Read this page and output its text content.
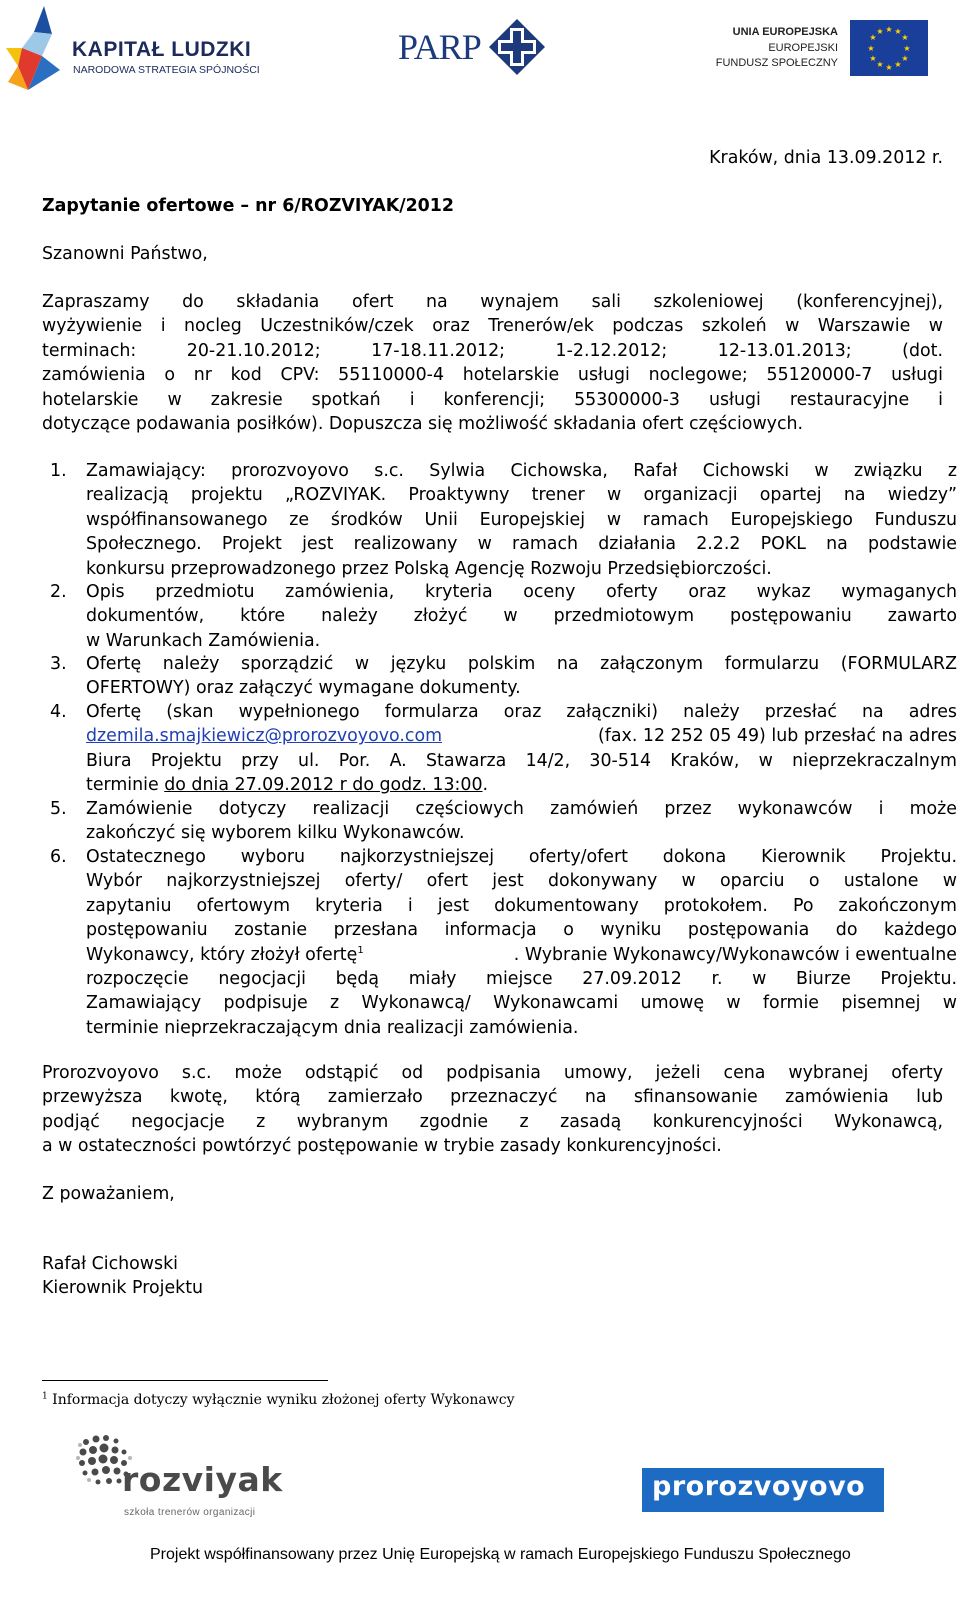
KAPITAŁ LUDZKI
NARODOWA STRATEGIA SPÓJNOŚCI
PARP	UNIA EUROPEJSKA
EUROPEJSKI
FUNDUSZ SPOŁECZNY
★ ★
★
★
★
★
★
★
★
★
★
★
Kraków, dnia 13.09.2012 r.
Zapytanie ofertowe – nr 6/ROZVIYAK/2012
Szanowni Państwo,
Zapraszamy do składania ofert na wynajem sali szkoleniowej (konferencyjnej),
wyżywienie i nocleg Uczestników/czek oraz Trenerów/ek podczas szkoleń w Warszawie w
terminach: 20-21.10.2012; 17-18.11.2012; 1-2.12.2012; 12-13.01.2013; (dot.
zamówienia o nr kod CPV: 55110000-4 hotelarskie usługi noclegowe; 55120000-7 usługi
hotelarskie w zakresie spotkań i konferencji; 55300000-3 usługi restauracyjne i
dotyczące podawania posiłków). Dopuszcza się możliwość składania ofert częściowych.
1.	Zamawiający: prorozvoyovo s.c. Sylwia Cichowska, Rafał Cichowski w związku z
realizacją projektu „ROZVIYAK. Proaktywny trener w organizacji opartej na wiedzy”
współfinansowanego ze środków Unii Europejskiej w ramach Europejskiego Funduszu
Społecznego. Projekt jest realizowany w ramach działania 2.2.2 POKL na podstawie
konkursu przeprowadzonego przez Polską Agencję Rozwoju Przedsiębiorczości.
2.	Opis przedmiotu zamówienia, kryteria oceny oferty oraz wykaz wymaganych
dokumentów, które należy złożyć w przedmiotowym postępowaniu zawarto
w Warunkach Zamówienia.
3.	Ofertę należy sporządzić w języku polskim na załączonym formularzu (FORMULARZ
OFERTOWY) oraz załączyć wymagane dokumenty.
4.	Ofertę (skan wypełnionego formularza oraz załączniki) należy przesłać na adres
dzemila.smajkiewicz@prorozvoyovo.com	(fax. 12 252 05 49) lub przesłać na adres
Biura Projektu przy ul. Por. A. Stawarza 14/2, 30-514 Kraków, w nieprzekraczalnym
terminie do dnia 27.09.2012 r do godz. 13:00.
5.	Zamówienie dotyczy realizacji częściowych zamówień przez wykonawców i może
zakończyć się wyborem kilku Wykonawców.
6.	Ostatecznego wyboru najkorzystniejszej oferty/ofert dokona Kierownik Projektu.
Wybór najkorzystniejszej oferty/ ofert jest dokonywany w oparciu o ustalone w
zapytaniu ofertowym kryteria i jest dokumentowany protokołem. Po zakończonym
postępowaniu zostanie przesłana informacja o wyniku postępowania do każdego
Wykonawcy, który złożył ofertę$^1$	. Wybranie Wykonawcy/Wykonawców i ewentualne
rozpoczęcie negocjacji będą miały miejsce 27.09.2012 r. w Biurze Projektu.
Zamawiający podpisuje z Wykonawcą/ Wykonawcami umowę w formie pisemnej w
terminie nieprzekraczającym dnia realizacji zamówienia.
Prorozvoyovo s.c. może odstąpić od podpisania umowy, jeżeli cena wybranej oferty
przewyższa kwotę, którą zamierzało przeznaczyć na sfinansowanie zamówienia lub
podjąć negocjacje z wybranym zgodnie z zasadą konkurencyjności Wykonawcą,
a w ostateczności powtórzyć postępowanie w trybie zasady konkurencyjności.
Z poważaniem,
Rafał Cichowski
Kierownik Projektu
$^1$ Informacja dotyczy wyłącznie wyniku złożonej oferty Wykonawcy
rozviyak
szkoła trenerów organizacji
prorozvoyovo
Projekt współfinansowany przez Unię Europejską w ramach Europejskiego Funduszu Społecznego
